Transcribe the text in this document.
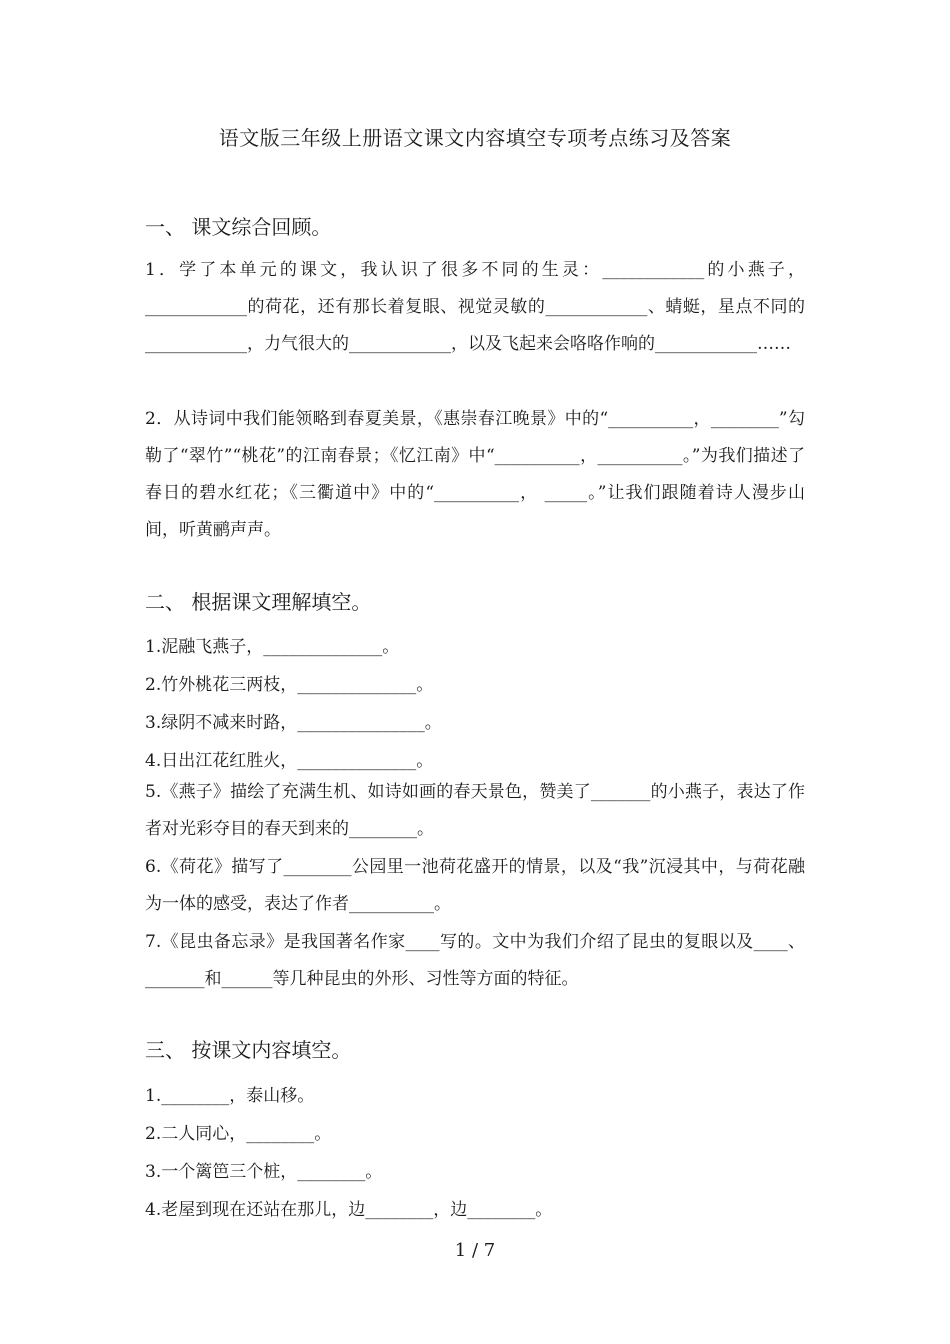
语文版三年级上册语文课文内容填空专项考点练习及答案
一、 课文综合回顾。
1．学了本单元的课文，我认识了很多不同的生灵：____________的小燕子，____________的荷花，还有那长着复眼、视觉灵敏的____________、蜻蜓，星点不同的____________，力气很大的____________，以及飞起来会咯咯作响的____________……
2．从诗词中我们能领略到春夏美景，《惠崇春江晚景》中的“__________，________”勾勒了“翠竹”“桃花”的江南春景；《忆江南》中“__________，__________。”为我们描述了春日的碧水红花；《三衢道中》中的“__________， _____。”让我们跟随着诗人漫步山间，听黄鹂声声。
二、 根据课文理解填空。
1.泥融飞燕子，______________。
2.竹外桃花三两枝，______________。
3.绿阴不减来时路，_______________。
4.日出江花红胜火，______________。
5.《燕子》描绘了充满生机、如诗如画的春天景色，赞美了_______的小燕子，表达了作者对光彩夺目的春天到来的________。
6.《荷花》描写了________公园里一池荷花盛开的情景，以及“我”沉浸其中，与荷花融为一体的感受，表达了作者__________。
7.《昆虫备忘录》是我国著名作家____写的。文中为我们介绍了昆虫的复眼以及____、_______和______等几种昆虫的外形、习性等方面的特征。
三、 按课文内容填空。
1.________，泰山移。
2.二人同心，________。
3.一个篱笆三个桩，________。
4.老屋到现在还站在那儿，边________，边________。
1 / 7
